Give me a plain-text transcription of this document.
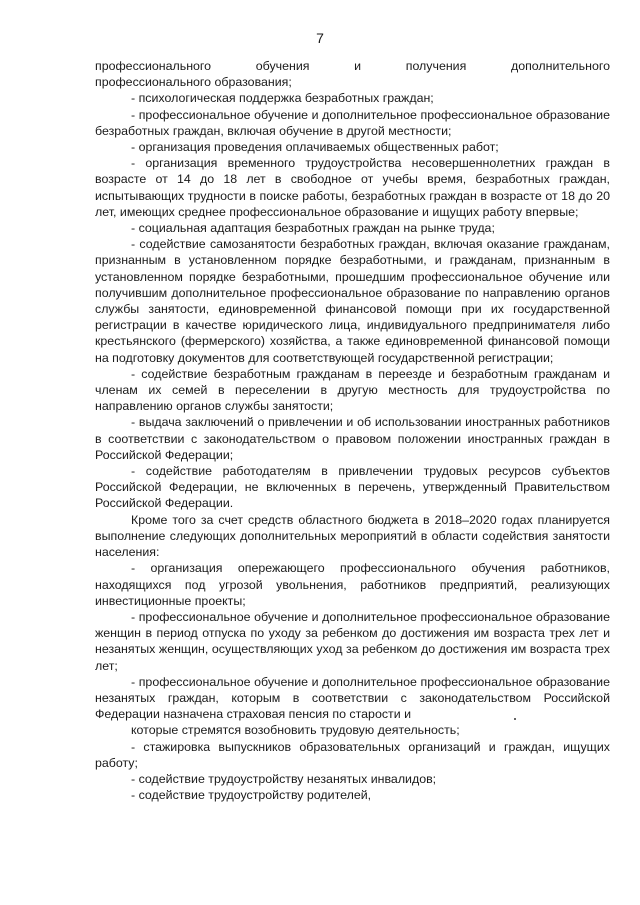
7

профессионального обучения и получения дополнительного

профессионального образования;

- психологическая поддержка безработных граждан;

- профессиональное обучение и дополнительное профессиональное образование безработных граждан, включая обучение в другой местности;

- организация проведения оплачиваемых общественных работ;

- организация временного трудоустройства несовершеннолетних граждан в возрасте от 14 до 18 лет в свободное от учебы время, безработных граждан, испытывающих трудности в поиске работы, безработных граждан в возрасте от 18 до 20 лет, имеющих среднее профессиональное образование и ищущих работу впервые;

- социальная адаптация безработных граждан на рынке труда;

- содействие самозанятости безработных граждан, включая оказание гражданам, признанным в установленном порядке безработными, и гражданам, признанным в установленном порядке безработными, прошедшим профессиональное обучение или получившим дополнительное профессиональное образование по направлению органов службы занятости, единовременной финансовой помощи при их государственной регистрации в качестве юридического лица, индивидуального предпринимателя либо крестьянского (фермерского) хозяйства, а также единовременной финансовой помощи на подготовку документов для соответствующей государственной регистрации;

- содействие безработным гражданам в переезде и безработным гражданам и членам их семей в переселении в другую местность для трудоустройства по направлению органов службы занятости;

- выдача заключений о привлечении и об использовании иностранных работников в соответствии с законодательством о правовом положении иностранных граждан в Российской Федерации;

- содействие работодателям в привлечении трудовых ресурсов субъектов Российской Федерации, не включенных в перечень, утвержденный Правительством Российской Федерации.

Кроме того за счет средств областного бюджета в 2018–2020 годах планируется выполнение следующих дополнительных мероприятий в области содействия занятости населения:

- организация опережающего профессионального обучения работников, находящихся под угрозой увольнения, работников предприятий, реализующих инвестиционные проекты;

- профессиональное обучение и дополнительное профессиональное образование женщин в период отпуска по уходу за ребенком до достижения им возраста трех лет и незанятых женщин, осуществляющих уход за ребенком до достижения им возраста трех лет;

- профессиональное обучение и дополнительное профессиональное образование незанятых граждан, которым в соответствии с законодательством Российской Федерации назначена страховая пенсия по старости и

которые стремятся возобновить трудовую деятельность;

- стажировка выпускников образовательных организаций и граждан, ищущих работу;

- содействие трудоустройству незанятых инвалидов;

- содействие трудоустройству родителей,
